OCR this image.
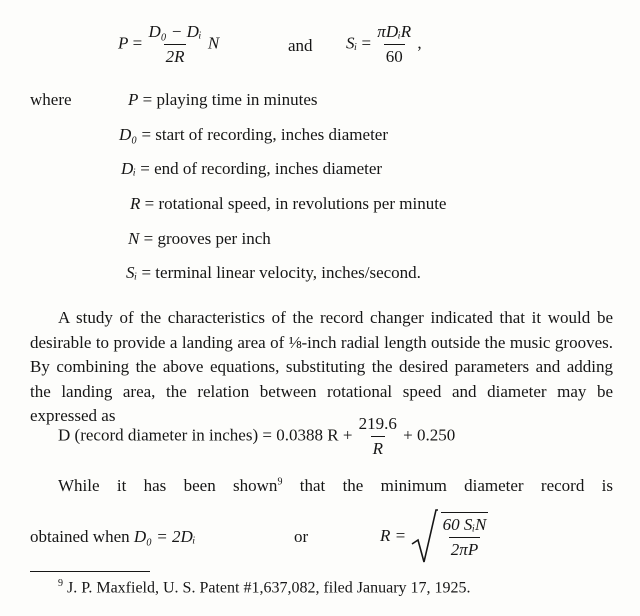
$P = \frac{\text{D₀ − Dᵢ}}{2R}$ N	and Sᵢ = $\frac{\text{πDᵢR}}{60}$ ,
where	P = playing time in minutes
D₀ = start of recording, inches diameter
Dᵢ = end of recording, inches diameter
R = rotational speed, in revolutions per minute
N = grooves per inch
Sᵢ = terminal linear velocity, inches/second.
A study of the characteristics of the record changer indicated that it would be desirable to provide a landing area of ⅛-inch radial length outside the music grooves. By combining the above equations, substituting the desired parameters and adding the landing area, the relation between rotational speed and diameter may be expressed as
D (record diameter in inches) = 0.0388 $R + \frac{219.6}{R} + 0.250$
While it has been shown$^9$ that the minimum diameter record is
obtained when D₀ = 2Dᵢ	or	$R = \frac{\text{60 SᵢN}}{2\pi P}$
$^9$ J. P. Maxfield, U. S. Patent #1,637,082, filed January 17, 1925.
